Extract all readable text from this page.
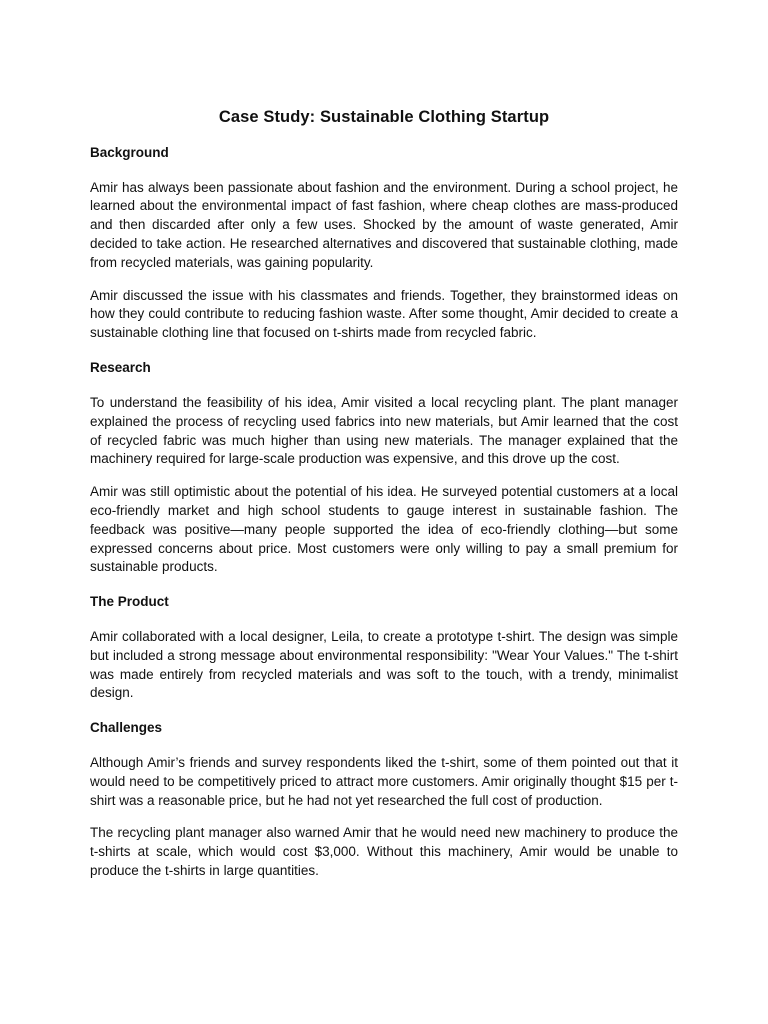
Case Study: Sustainable Clothing Startup
Background

Amir has always been passionate about fashion and the environment. During a school project, he learned about the environmental impact of fast fashion, where cheap clothes are mass-produced and then discarded after only a few uses. Shocked by the amount of waste generated, Amir decided to take action. He researched alternatives and discovered that sustainable clothing, made from recycled materials, was gaining popularity.

Amir discussed the issue with his classmates and friends. Together, they brainstormed ideas on how they could contribute to reducing fashion waste. After some thought, Amir decided to create a sustainable clothing line that focused on t-shirts made from recycled fabric.

Research

To understand the feasibility of his idea, Amir visited a local recycling plant. The plant manager explained the process of recycling used fabrics into new materials, but Amir learned that the cost of recycled fabric was much higher than using new materials. The manager explained that the machinery required for large-scale production was expensive, and this drove up the cost.

Amir was still optimistic about the potential of his idea. He surveyed potential customers at a local eco-friendly market and high school students to gauge interest in sustainable fashion. The feedback was positive—many people supported the idea of eco-friendly clothing—but some expressed concerns about price. Most customers were only willing to pay a small premium for sustainable products.

The Product

Amir collaborated with a local designer, Leila, to create a prototype t-shirt. The design was simple but included a strong message about environmental responsibility: "Wear Your Values." The t-shirt was made entirely from recycled materials and was soft to the touch, with a trendy, minimalist design.

Challenges

Although Amir’s friends and survey respondents liked the t-shirt, some of them pointed out that it would need to be competitively priced to attract more customers. Amir originally thought $15 per t-shirt was a reasonable price, but he had not yet researched the full cost of production.

The recycling plant manager also warned Amir that he would need new machinery to produce the t-shirts at scale, which would cost $3,000. Without this machinery, Amir would be unable to produce the t-shirts in large quantities.
